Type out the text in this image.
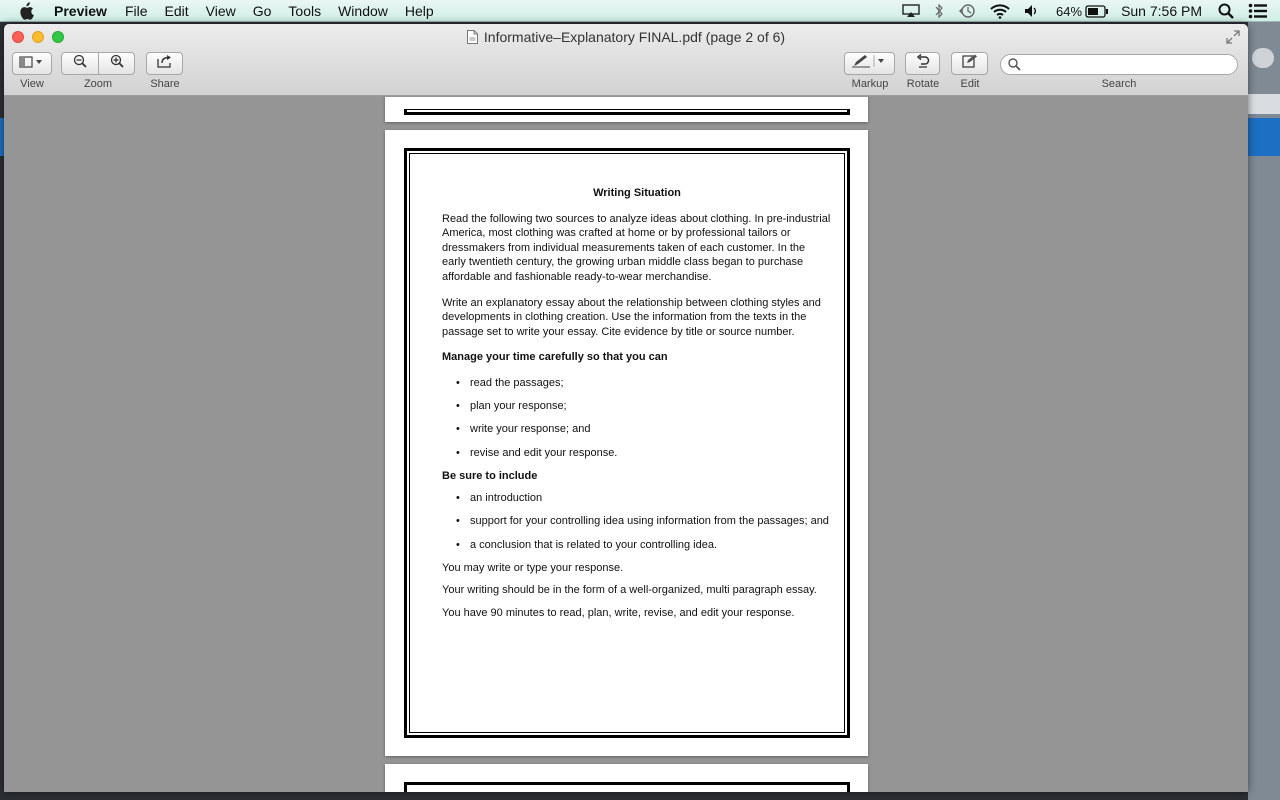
Preview File Edit View Go Tools Window Help	64%	Sun 7:56 PM
Informative–Explanatory FINAL.pdf (page 2 of 6)
View	Zoom	Share	Markup	Rotate	Edit	Search
Writing Situation

Read the following two sources to analyze ideas about clothing. In pre-industrial America, most clothing was crafted at home or by professional tailors or dressmakers from individual measurements taken of each customer. In the early twentieth century, the growing urban middle class began to purchase affordable and fashionable ready-to-wear merchandise.

Write an explanatory essay about the relationship between clothing styles and developments in clothing creation. Use the information from the texts in the passage set to write your essay. Cite evidence by title or source number.

Manage your time carefully so that you can
• read the passages;
• plan your response;
• write your response; and
• revise and edit your response.
Be sure to include
• an introduction
• support for your controlling idea using information from the passages; and
• a conclusion that is related to your controlling idea.
You may write or type your response.
Your writing should be in the form of a well-organized, multi paragraph essay.
You have 90 minutes to read, plan, write, revise, and edit your response.
